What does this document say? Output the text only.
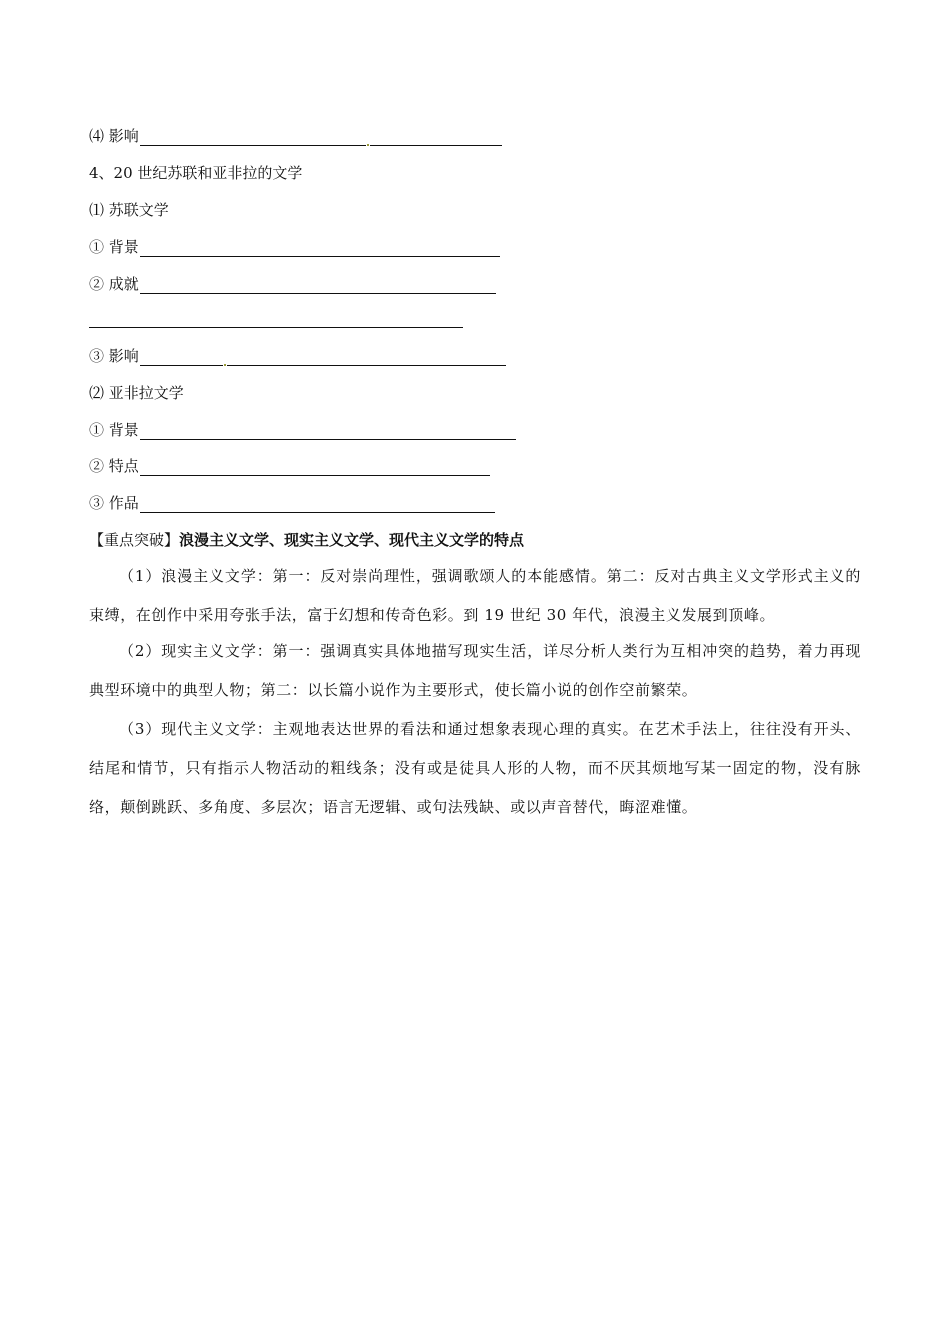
⑷ 影响
4、20 世纪苏联和亚非拉的文学
⑴ 苏联文学
① 背景
② 成就
③ 影响
⑵ 亚非拉文学
① 背景
② 特点
③ 作品
【重点突破】浪漫主义文学、现实主义文学、现代主义文学的特点
（1）浪漫主义文学：第一：反对崇尚理性，强调歌颂人的本能感情。第二：反对古典主义文学形式主义的束缚，在创作中采用夸张手法，富于幻想和传奇色彩。到 19 世纪 30 年代，浪漫主义发展到顶峰。
（2）现实主义文学：第一：强调真实具体地描写现实生活，详尽分析人类行为互相冲突的趋势，着力再现典型环境中的典型人物；第二：以长篇小说作为主要形式，使长篇小说的创作空前繁荣。
（3）现代主义文学：主观地表达世界的看法和通过想象表现心理的真实。在艺术手法上，往往没有开头、结尾和情节，只有指示人物活动的粗线条；没有或是徒具人形的人物，而不厌其烦地写某一固定的物，没有脉络，颠倒跳跃、多角度、多层次；语言无逻辑、或句法残缺、或以声音替代，晦涩难懂。
